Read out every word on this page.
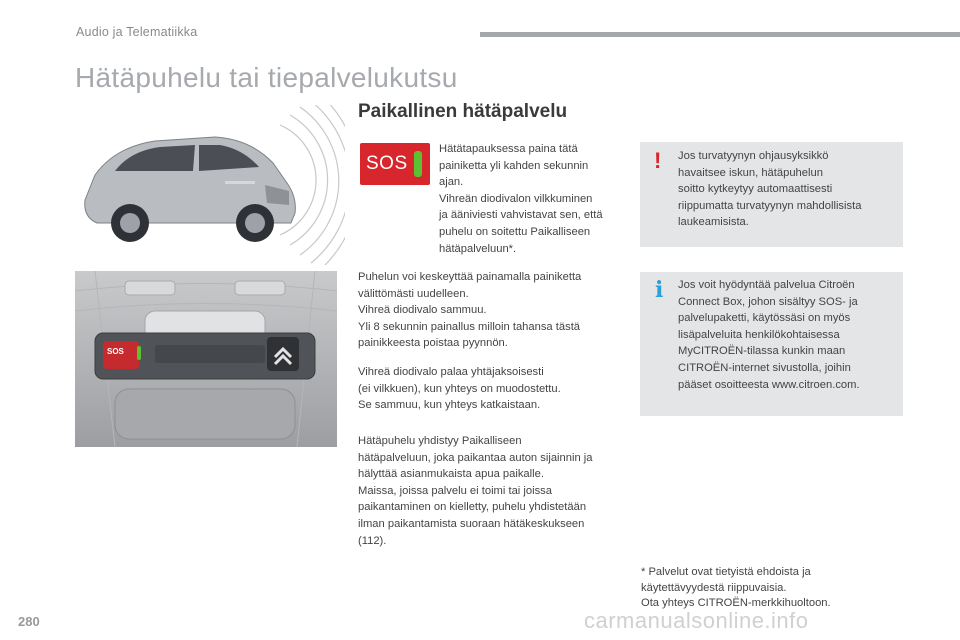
Audio ja Telematiikka
Hätäpuhelu tai tiepalvelukutsu
SOS
Paikallinen hätäpalvelu
SOS
Hätätapauksessa paina tätä
painiketta yli kahden sekunnin
ajan.
Vihreän diodivalon vilkkuminen
ja ääniviesti vahvistavat sen, että
puhelu on soitettu Paikalliseen
hätäpalveluun*.
Puhelun voi keskeyttää painamalla painiketta
välittömästi uudelleen.
Vihreä diodivalo sammuu.
Yli 8 sekunnin painallus milloin tahansa tästä
painikkeesta poistaa pyynnön.
Vihreä diodivalo palaa yhtäjaksoisesti
(ei vilkkuen), kun yhteys on muodostettu.
Se sammuu, kun yhteys katkaistaan.
Hätäpuhelu yhdistyy Paikalliseen
hätäpalveluun, joka paikantaa auton sijainnin ja
hälyttää asianmukaista apua paikalle.
Maissa, joissa palvelu ei toimi tai joissa
paikantaminen on kielletty, puhelu yhdistetään
ilman paikantamista suoraan hätäkeskukseen
(112).
! Jos turvatyynyn ohjausyksikkö
havaitsee iskun, hätäpuhelun
soitto kytkeytyy automaattisesti
riippumatta turvatyynyn mahdollisista
laukeamisista.
i Jos voit hyödyntää palvelua Citroën
Connect Box, johon sisältyy SOS- ja
palvelupaketti, käytössäsi on myös
lisäpalveluita henkilökohtaisessa
MyCITROËN-tilassa kunkin maan
CITROËN-internet sivustolla, joihin
pääset osoitteesta www.citroen.com.
* Palvelut ovat tietyistä ehdoista ja
käytettävyydestä riippuvaisia.
Ota yhteys CITROËN-merkkihuoltoon.
280	carmanualsonline.info
